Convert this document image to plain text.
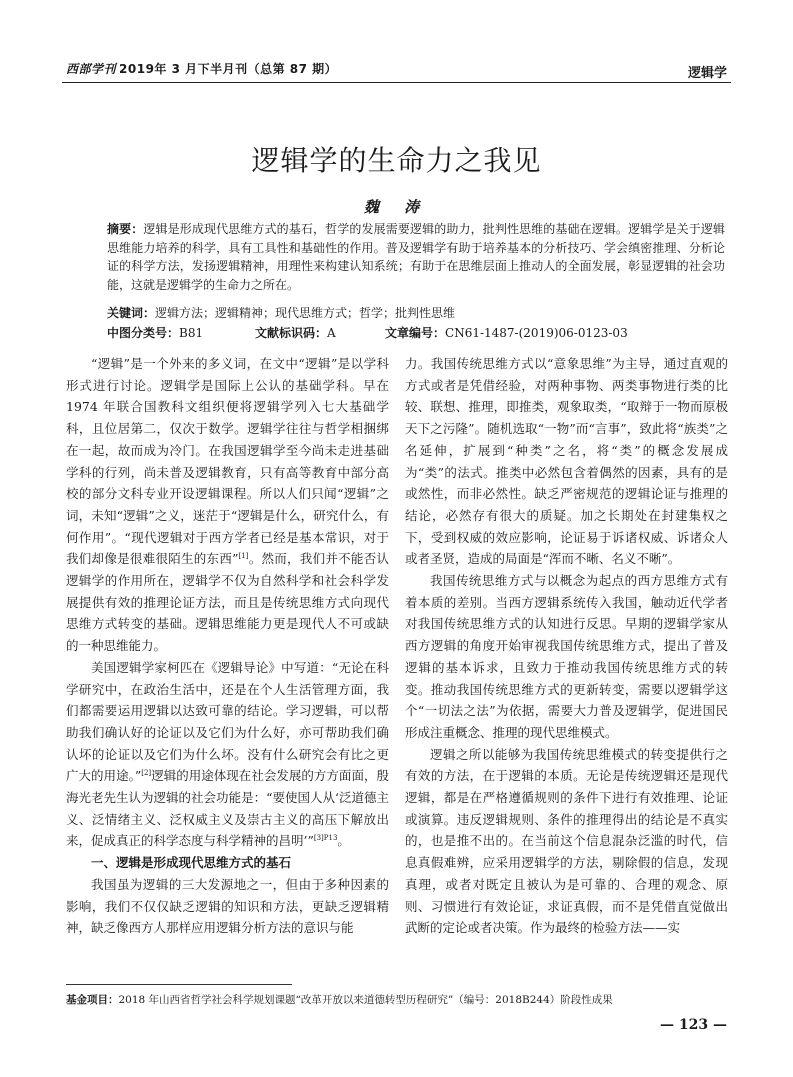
西部学刊 2019年 3 月下半月刊（总第 87 期）	逻辑学
逻辑学的生命力之我见
魏 涛
摘要：逻辑是形成现代思维方式的基石，哲学的发展需要逻辑的助力，批判性思维的基础在逻辑。逻辑学是关于逻辑思维能力培养的科学，具有工具性和基础性的作用。普及逻辑学有助于培养基本的分析技巧、学会缜密推理、分析论证的科学方法，发扬逻辑精神，用理性来构建认知系统；有助于在思维层面上推动人的全面发展，彰显逻辑的社会功能，这就是逻辑学的生命力之所在。
关键词：逻辑方法；逻辑精神；现代思维方式；哲学；批判性思维
中图分类号：B81	文献标识码：A	文章编号：CN61-1487-(2019)06-0123-03

“逻辑”是一个外来的多义词，在文中“逻辑”是以学科形式进行讨论。逻辑学是国际上公认的基础学科。早在 1974 年联合国教科文组织便将逻辑学列入七大基础学科，且位居第二，仅次于数学。逻辑学往往与哲学相捆绑在一起，故而成为冷门。在我国逻辑学至今尚未走进基础学科的行列，尚未普及逻辑教育，只有高等教育中部分高校的部分文科专业开设逻辑课程。所以人们只闻“逻辑”之词，未知“逻辑”之义，迷茫于“逻辑是什么，研究什么，有何作用”。“现代逻辑对于西方学者已经是基本常识，对于我们却像是很难很陌生的东西”[1]。然而，我们并不能否认逻辑学的作用所在，逻辑学不仅为自然科学和社会科学发展提供有效的推理论证方法，而且是传统思维方式向现代思维方式转变的基础。逻辑思维能力更是现代人不可或缺的一种思维能力。

美国逻辑学家柯匹在《逻辑导论》中写道：“无论在科学研究中，在政治生活中，还是在个人生活管理方面，我们都需要运用逻辑以达致可靠的结论。学习逻辑，可以帮助我们确认好的论证以及它们为什么好，亦可帮助我们确认坏的论证以及它们为什么坏。没有什么研究会有比之更广大的用途。”[2]逻辑的用途体现在社会发展的方方面面，殷海光老先生认为逻辑的社会功能是：“要使国人从‘泛道德主义、泛情绪主义、泛权威主义及崇古主义的高压下解放出来，促成真正的科学态度与科学精神的昌明’”$^{[3]P13}$。

一、逻辑是形成现代思维方式的基石

我国虽为逻辑的三大发源地之一，但由于多种因素的影响，我们不仅仅缺乏逻辑的知识和方法，更缺乏逻辑精神，缺乏像西方人那样应用逻辑分析方法的意识与能

力。我国传统思维方式以“意象思维”为主导，通过直观的方式或者是凭借经验，对两种事物、两类事物进行类的比较、联想、推理，即推类，观象取类，“取辩于一物而原极天下之污隆”。随机选取“一物”而“言事”，致此将“族类”之名延伸，扩展到“种类”之名，将“类”的概念发展成为“类”的法式。推类中必然包含着偶然的因素，具有的是或然性，而非必然性。缺乏严密规范的逻辑论证与推理的结论，必然存有很大的质疑。加之长期处在封建集权之下，受到权威的效应影响，论证易于诉诸权威、诉诸众人或者圣贤，造成的局面是“浑而不晰、名义不晰”。

我国传统思维方式与以概念为起点的西方思维方式有着本质的差别。当西方逻辑系统传入我国，触动近代学者对我国传统思维方式的认知进行反思。早期的逻辑学家从西方逻辑的角度开始审视我国传统思维方式，提出了普及逻辑的基本诉求，且致力于推动我国传统思维方式的转变。推动我国传统思维方式的更新转变，需要以逻辑学这个“一切法之法”为依据，需要大力普及逻辑学，促进国民形成注重概念、推理的现代思维模式。

逻辑之所以能够为我国传统思维模式的转变提供行之有效的方法，在于逻辑的本质。无论是传统逻辑还是现代逻辑，都是在严格遵循规则的条件下进行有效推理、论证或演算。违反逻辑规则、条件的推理得出的结论是不真实的，也是推不出的。在当前这个信息混杂泛滥的时代，信息真假难辨，应采用逻辑学的方法，剔除假的信息，发现真理，或者对既定且被认为是可靠的、合理的观念、原则、习惯进行有效论证，求证真假，而不是凭借直觉做出武断的定论或者决策。作为最终的检验方法——实

基金项目：2018 年山西省哲学社会科学规划课题“改革开放以来道德转型历程研究”（编号：2018B244）阶段性成果
— 123 —
